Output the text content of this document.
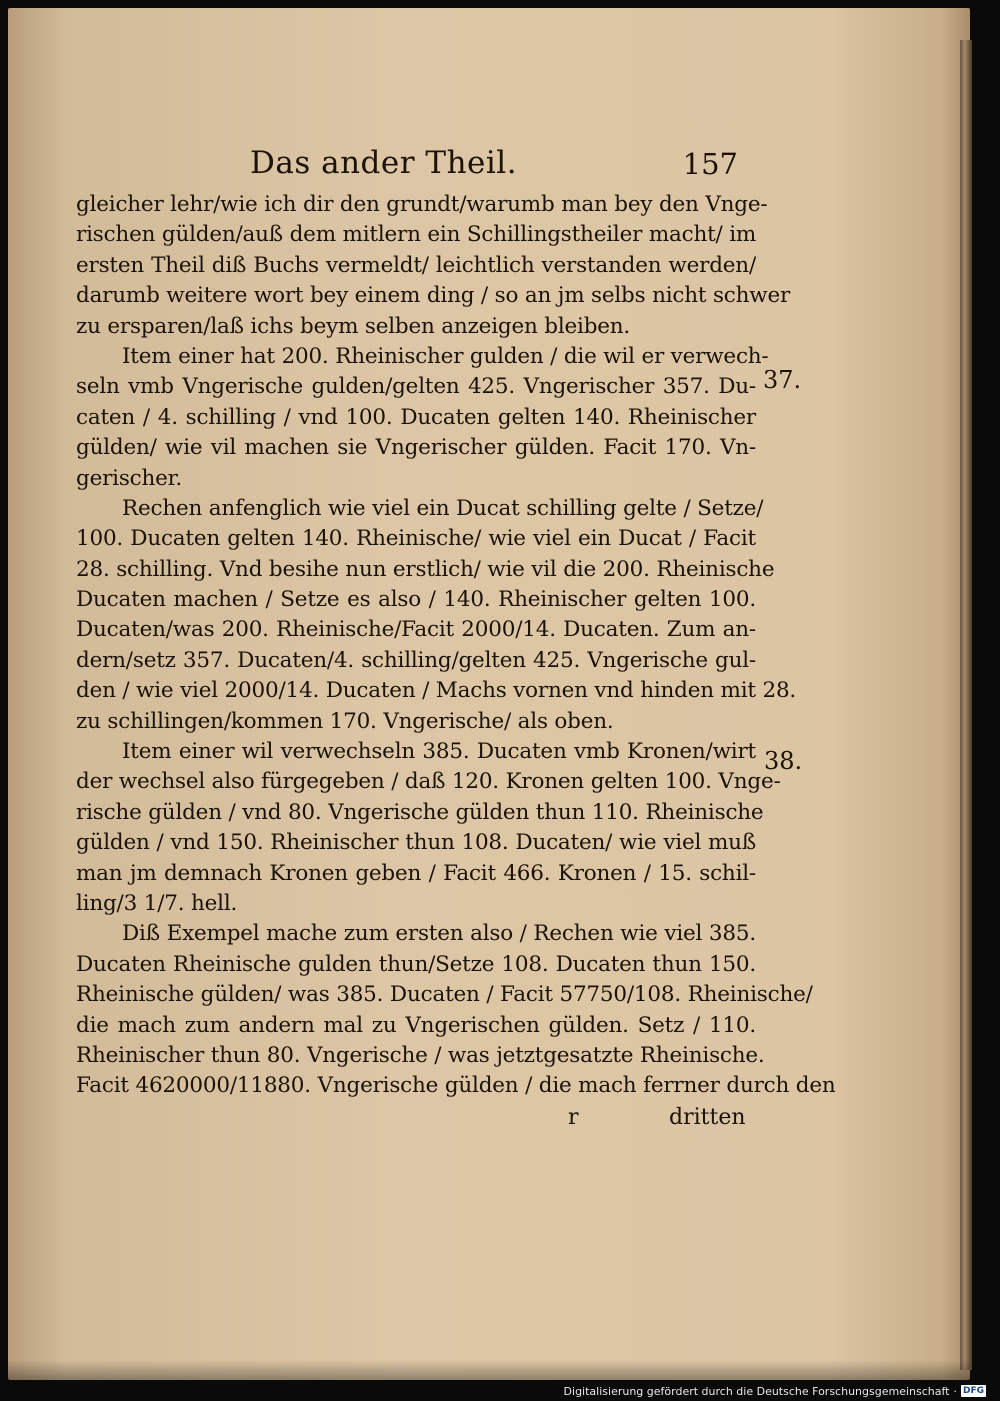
Das ander Theil.	157
gleicher lehr/wie ich dir den grundt/warumb man bey den Vnge-
rischen gülden/auß dem mitlern ein Schillingstheiler macht/ im
ersten Theil diß Buchs vermeldt/ leichtlich verstanden werden/
darumb weitere wort bey einem ding / so an jm selbs nicht schwer
zu ersparen/laß ichs beym selben anzeigen bleiben.
Item einer hat 200. Rheinischer gulden / die wil er verwech-
seln vmb Vngerische gulden/gelten 425. Vngerischer 357. Du-
caten / 4. schilling / vnd 100. Ducaten gelten 140. Rheinischer
gülden/ wie vil machen sie Vngerischer gülden. Facit 170. Vn-
gerischer.
Rechen anfenglich wie viel ein Ducat schilling gelte / Setze/
100. Ducaten gelten 140. Rheinische/ wie viel ein Ducat / Facit
28. schilling. Vnd besihe nun erstlich/ wie vil die 200. Rheinische
Ducaten machen / Setze es also / 140. Rheinischer gelten 100.
Ducaten/was 200. Rheinische/Facit 2000/14. Ducaten. Zum an-
dern/setz 357. Ducaten/4. schilling/gelten 425. Vngerische gul-
den / wie viel 2000/14. Ducaten / Machs vornen vnd hinden mit 28.
zu schillingen/kommen 170. Vngerische/ als oben.
Item einer wil verwechseln 385. Ducaten vmb Kronen/wirt
der wechsel also fürgegeben / daß 120. Kronen gelten 100. Vnge-
rische gülden / vnd 80. Vngerische gülden thun 110. Rheinische
gülden / vnd 150. Rheinischer thun 108. Ducaten/ wie viel muß
man jm demnach Kronen geben / Facit 466. Kronen / 15. schil-
ling/3 1/7. hell.
Diß Exempel mache zum ersten also / Rechen wie viel 385.
Ducaten Rheinische gulden thun/Setze 108. Ducaten thun 150.
Rheinische gülden/ was 385. Ducaten / Facit 57750/108. Rheinische/
die mach zum andern mal zu Vngerischen gülden. Setz / 110.
Rheinischer thun 80. Vngerische / was jetztgesatzte Rheinische.
Facit 4620000/11880. Vngerische gülden / die mach ferrner durch den
37.
38.
r	dritten
Digitalisierung gefördert durch die Deutsche Forschungsgemeinschaft · DFG
